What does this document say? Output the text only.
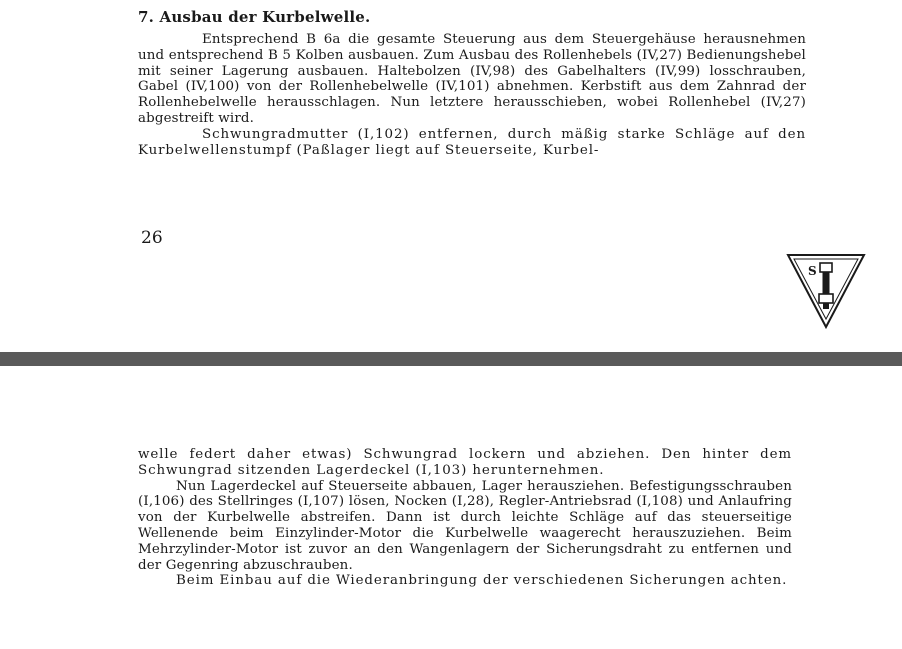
7. Ausbau der Kurbelwelle.

Entsprechend B 6a die gesamte Steuerung aus dem Steuergehäuse herausnehmen und entsprechend B 5 Kolben ausbauen. Zum Ausbau des Rollenhebels (IV,27) Bedienungshebel mit seiner Lagerung ausbauen. Haltebolzen (IV,98) des Gabelhalters (IV,99) losschrauben, Gabel (IV,100) von der Rollenhebelwelle (IV,101) abnehmen. Kerbstift aus dem Zahnrad der Rollenhebelwelle herausschlagen. Nun letztere herausschieben, wobei Rollenhebel (IV,27) abgestreift wird.

Schwungradmutter (I,102) entfernen, durch mäßig starke Schläge auf den Kurbelwellenstumpf (Paßlager liegt auf Steuerseite, Kurbel-

26
S

welle federt daher etwas) Schwungrad lockern und abziehen. Den hinter dem Schwungrad sitzenden Lagerdeckel (I,103) herunternehmen.

Nun Lagerdeckel auf Steuerseite abbauen, Lager herausziehen. Befestigungsschrauben (I,106) des Stellringes (I,107) lösen, Nocken (I,28), Regler-Antriebsrad (I,108) und Anlaufring von der Kurbelwelle abstreifen. Dann ist durch leichte Schläge auf das steuerseitige Wellenende beim Einzylinder-Motor die Kurbelwelle waagerecht herauszuziehen. Beim Mehrzylinder-Motor ist zuvor an den Wangenlagern der Sicherungsdraht zu entfernen und der Gegenring abzuschrauben.

Beim Einbau auf die Wiederanbringung der verschiedenen Sicherungen achten.
